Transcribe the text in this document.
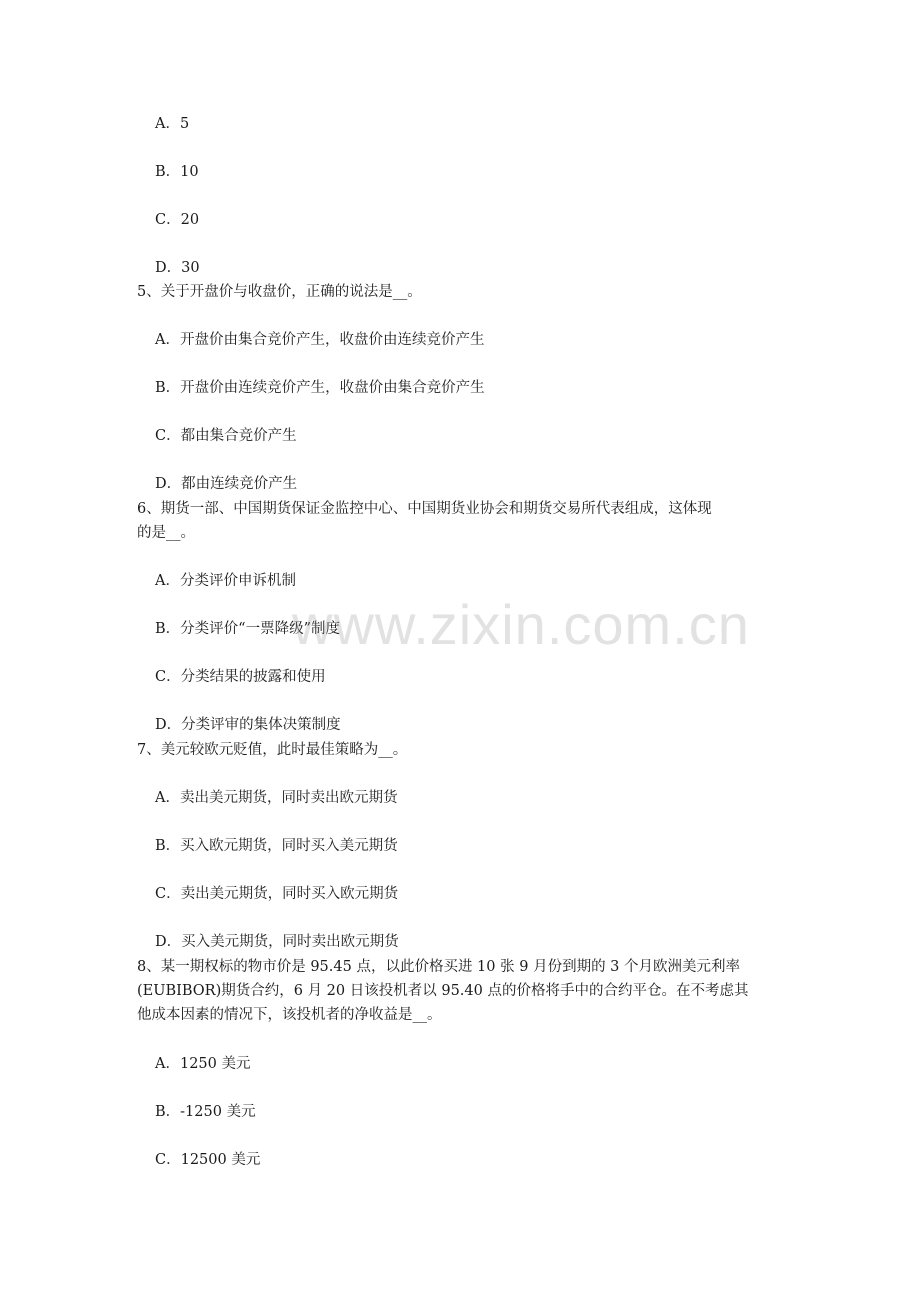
A．5
B．10
C．20
D．30
5、关于开盘价与收盘价，正确的说法是__。
A．开盘价由集合竞价产生，收盘价由连续竞价产生
B．开盘价由连续竞价产生，收盘价由集合竞价产生
C．都由集合竞价产生
D．都由连续竞价产生
6、期货一部、中国期货保证金监控中心、中国期货业协会和期货交易所代表组成，这体现
的是__。
A．分类评价申诉机制
B．分类评价“一票降级”制度
C．分类结果的披露和使用
D．分类评审的集体决策制度
7、美元较欧元贬值，此时最佳策略为__。
A．卖出美元期货，同时卖出欧元期货
B．买入欧元期货，同时买入美元期货
C．卖出美元期货，同时买入欧元期货
D．买入美元期货，同时卖出欧元期货
8、某一期权标的物市价是 95.45 点，以此价格买进 10 张 9 月份到期的 3 个月欧洲美元利率
(EUBIBOR)期货合约，6 月 20 日该投机者以 95.40 点的价格将手中的合约平仓。在不考虑其
他成本因素的情况下，该投机者的净收益是__。
A．1250 美元
B．-1250 美元
C．12500 美元
www.zixin.com.cn
